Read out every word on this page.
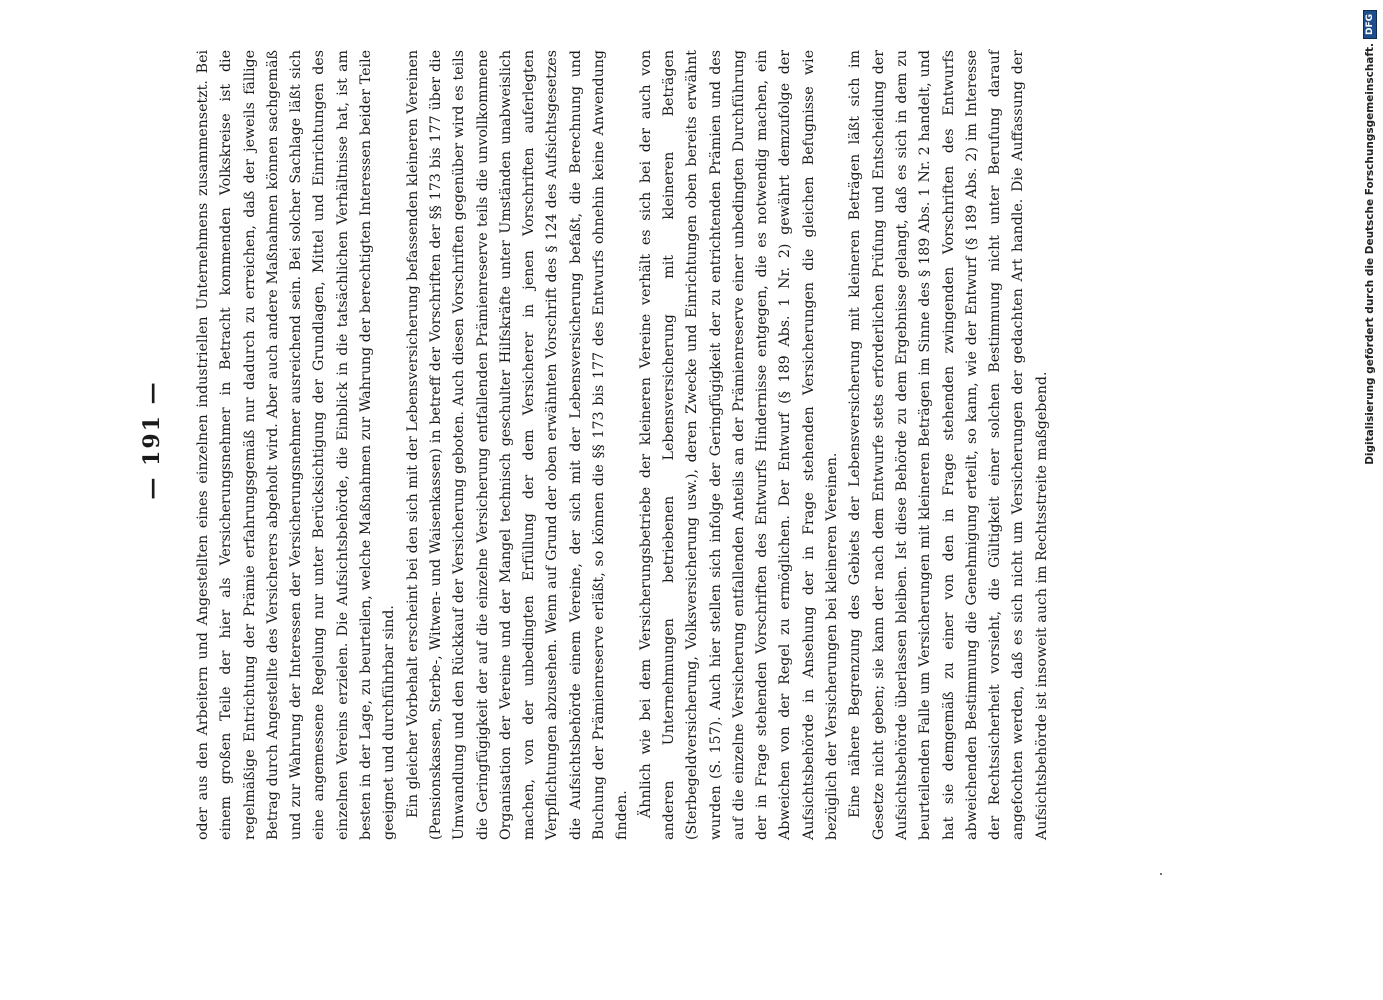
— 191 —	oder aus den Arbeitern und Angestellten eines einzelnen industriellen Unternehmens zusammensetzt. Bei einem großen Teile der hier als Versicherungsnehmer in Betracht kommenden Volkskreise ist die regelmäßige Entrichtung der Prämie erfahrungsgemäß nur dadurch zu erreichen, daß der jeweils fällige Betrag durch Angestellte des Versicherers abgeholt wird. Aber auch andere Maßnahmen können sachgemäß und zur Wahrung der Interessen der Versicherungsnehmer ausreichend sein. Bei solcher Sachlage läßt sich eine angemessene Regelung nur unter Berücksichtigung der Grundlagen, Mittel und Einrichtungen des einzelnen Vereins erzielen. Die Aufsichtsbehörde, die Einblick in die tatsächlichen Verhältnisse hat, ist am besten in der Lage, zu beurteilen, welche Maßnahmen zur Wahrung der berechtigten Interessen beider Teile geeignet und durchführbar sind. Ein gleicher Vorbehalt erscheint bei den sich mit der Lebensversicherung befassenden kleineren Vereinen (Pensionskassen, Sterbe-, Witwen- und Waisenkassen) in betreff der Vorschriften der §§ 173 bis 177 über die Umwandlung und den Rückkauf der Versicherung geboten. Auch diesen Vorschriften gegenüber wird es teils die Geringfügigkeit der auf die einzelne Versicherung entfallenden Prämienreserve teils die unvollkommene Organisation der Vereine und der Mangel technisch geschulter Hilfskräfte unter Umständen unabweislich machen, von der unbedingten Erfüllung der dem Versicherer in jenen Vorschriften auferlegten Verpflichtungen abzusehen. Wenn auf Grund der oben erwähnten Vorschrift des § 124 des Aufsichtsgesetzes die Aufsichtsbehörde einem Vereine, der sich mit der Lebensversicherung befaßt, die Berechnung und Buchung der Prämienreserve erläßt, so können die §§ 173 bis 177 des Entwurfs ohnehin keine Anwendung finden. Ähnlich wie bei dem Versicherungsbetriebe der kleineren Vereine verhält es sich bei der auch von anderen Unternehmungen betriebenen Lebensversicherung mit kleineren Beträgen (Sterbegeldversicherung, Volksversicherung usw.), deren Zwecke und Einrichtungen oben bereits erwähnt wurden (S. 157). Auch hier stellen sich infolge der Geringfügigkeit der zu entrichtenden Prämien und des auf die einzelne Versicherung entfallenden Anteils an der Prämienreserve einer unbedingten Durchführung der in Frage stehenden Vorschriften des Entwurfs Hindernisse entgegen, die es notwendig machen, ein Abweichen von der Regel zu ermöglichen. Der Entwurf (§ 189 Abs. 1 Nr. 2) gewährt demzufolge der Aufsichtsbehörde in Ansehung der in Frage stehenden Versicherungen die gleichen Befugnisse wie bezüglich der Versicherungen bei kleineren Vereinen. Eine nähere Begrenzung des Gebiets der Lebensversicherung mit kleineren Beträgen läßt sich im Gesetze nicht geben; sie kann der nach dem Entwurfe stets erforderlichen Prüfung und Entscheidung der Aufsichtsbehörde überlassen bleiben. Ist diese Behörde zu dem Ergebnisse gelangt, daß es sich in dem zu beurteilenden Falle um Versicherungen mit kleineren Beträgen im Sinne des § 189 Abs. 1 Nr. 2 handelt, und hat sie demgemäß zu einer von den in Frage stehenden zwingenden Vorschriften des Entwurfs abweichenden Bestimmung die Genehmigung erteilt, so kann, wie der Entwurf (§ 189 Abs. 2) im Interesse der Rechtssicherheit vorsieht, die Gültigkeit einer solchen Bestimmung nicht unter Berufung darauf angefochten werden, daß es sich nicht um Versicherungen der gedachten Art handle. Die Auffassung der Aufsichtsbehörde ist insoweit auch im Rechtsstreite maßgebend.

Digitalisierung gefördert durch die Deutsche Forschungsgemeinschaft.
DFG
